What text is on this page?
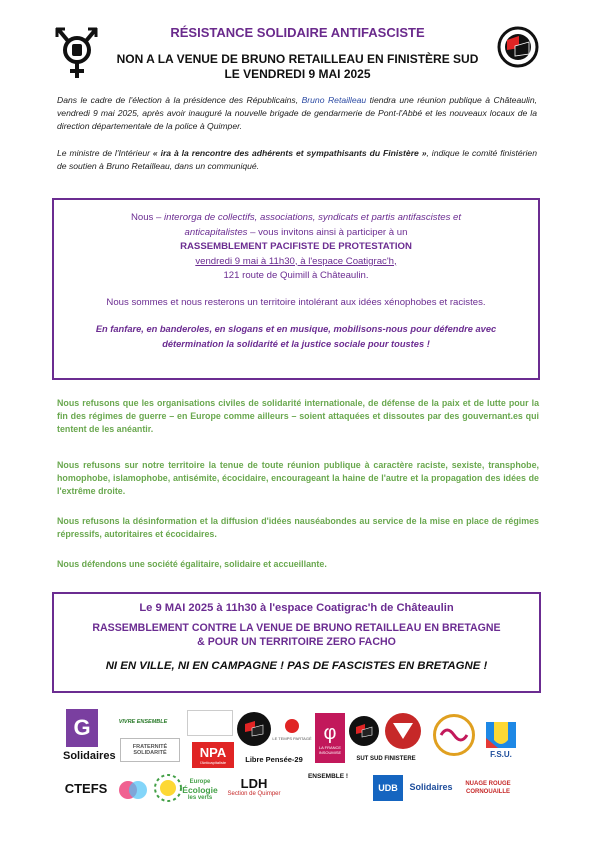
RÉSISTANCE SOLIDAIRE ANTIFASCISTE
NON A LA VENUE DE BRUNO RETAILLEAU EN FINISTÈRE SUD
LE VENDREDI 9 MAI 2025
Dans le cadre de l'élection à la présidence des Républicains, Bruno Retailleau tiendra une réunion publique à Châteaulin, vendredi 9 mai 2025, après avoir inauguré la nouvelle brigade de gendarmerie de Pont-l'Abbé et les nouveaux locaux de la direction départementale de la police à Quimper.
Le ministre de l'Intérieur « ira à la rencontre des adhérents et sympathisants du Finistère », indique le comité finistérien de soutien à Bruno Retailleau, dans un communiqué.
Nous – interorga de collectifs, associations, syndicats et partis antifascistes et
anticapitalistes – vous invitons ainsi à participer à un
RASSEMBLEMENT PACIFISTE DE PROTESTATION
vendredi 9 mai à 11h30, à l'espace Coatigrac'h,
121 route de Quimill à Châteaulin.
Nous sommes et nous resterons un territoire intolérant aux idées xénophobes et racistes.
En fanfare, en banderoles, en slogans et en musique, mobilisons-nous pour défendre avec
détermination la solidarité et la justice sociale pour toustes !
Nous refusons que les organisations civiles de solidarité internationale, de défense de la paix et de lutte pour la fin des régimes de guerre – en Europe comme ailleurs – soient attaquées et dissoutes par des gouvernant.es qui tentent de les anéantir.
Nous refusons sur notre territoire la tenue de toute réunion publique à caractère raciste, sexiste, transphobe, homophobe, islamophobe, antisémite, écocidaire, encourageant la haine de l'autre et la propagation des idées de l'extrême droite.
Nous refusons la désinformation et la diffusion d'idées nauséabondes au service de la mise en place de régimes répressifs, autoritaires et écocidaires.
Nous défendons une société égalitaire, solidaire et accueillante.
Le 9 MAI 2025 à 11h30 à l'espace Coatigrac'h de Châteaulin
RASSEMBLEMENT CONTRE LA VENUE DE BRUNO RETAILLEAU EN BRETAGNE
& POUR UN TERRITOIRE ZERO FACHO
NI EN VILLE, NI EN CAMPAGNE ! PAS DE FASCISTES EN BRETAGNE !
G
Solidaires
VIVRE ENSEMBLE
FRATERNITÉ SOLIDARITÉ	NPA
l'Anticapitaliste
LE TEMPS PARTAGÉ
Libre Pensée-29
φ
LA FRANCE INSOUMISE
SUT SUD FINISTERE
F.S.U.
CTEFS	Europe
Écologie
les verts
LDH
Section de Quimper
ENSEMBLE !
UDB	Solidaires	NUAGE ROUGE CORNOUAILLE
